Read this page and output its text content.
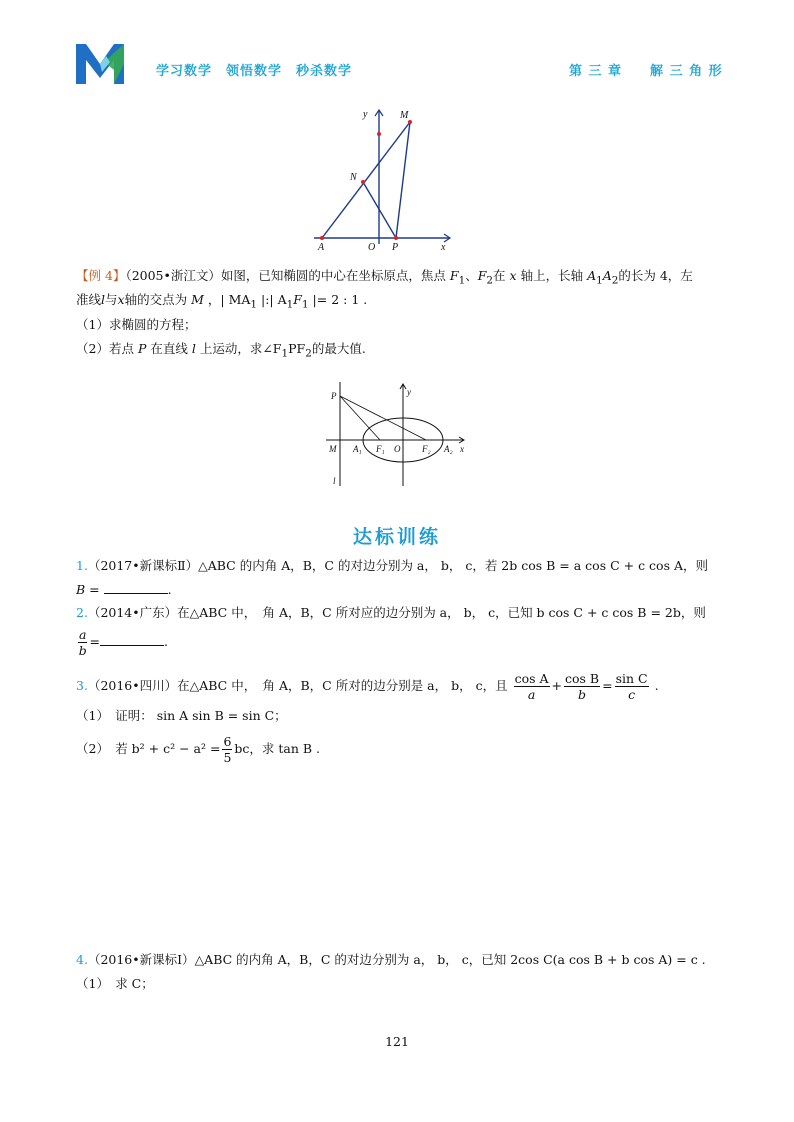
学习数学　领悟数学　秒杀数学	第 三 章　　解 三 角 形
y	M
N
A	O P	x
【例 4】（2005•浙江文）如图，已知椭圆的中心在坐标原点，焦点 $F_1$、$F_2$在 x 轴上，长轴 $A_1A_2$的长为 4，左
准线l与x轴的交点为 M ，| $MA_1$ |:| $A_1F_1$ |= 2 : 1 .
（1）求椭圆的方程；
（2）若点 P 在直线 l 上运动，求$\angle F_1PF_2$的最大值.
P	y
M A₁ F₁ O F₂ A₂ x
l
达标训练
1.（2017•新课标Ⅱ）△ABC 的内角 A，B，C 的对边分别为 a， b， c，若 2b cos B = a cos C + c cos A，则
B =	.
2.（2014•广东）在△ABC 中，　角 A，B，C 所对应的边分别为 a， b， c，已知 b cos C + c cos B = 2b，则
$\frac{a}{b}$ =	.
3.（2016•四川）在△ABC 中，　角 A，B，C 所对的边分别是 a， b， c，且 $\frac{\text{cos A}}{a} + \frac{\text{cos B}}{b} = \frac{\text{sin C}}{c}$ .
（1）　证明： sin A sin B = sin C；
（2）　若 $b^2 + c^2 - a^2 = \frac{6}{5}$ bc，求 tan B .
4.（2016•新课标Ⅰ）△ABC 的内角 A，B，C 的对边分别为 a， b， c，已知 2cos C(a cos B + b cos A) = c .
（1）　求 C；
121
